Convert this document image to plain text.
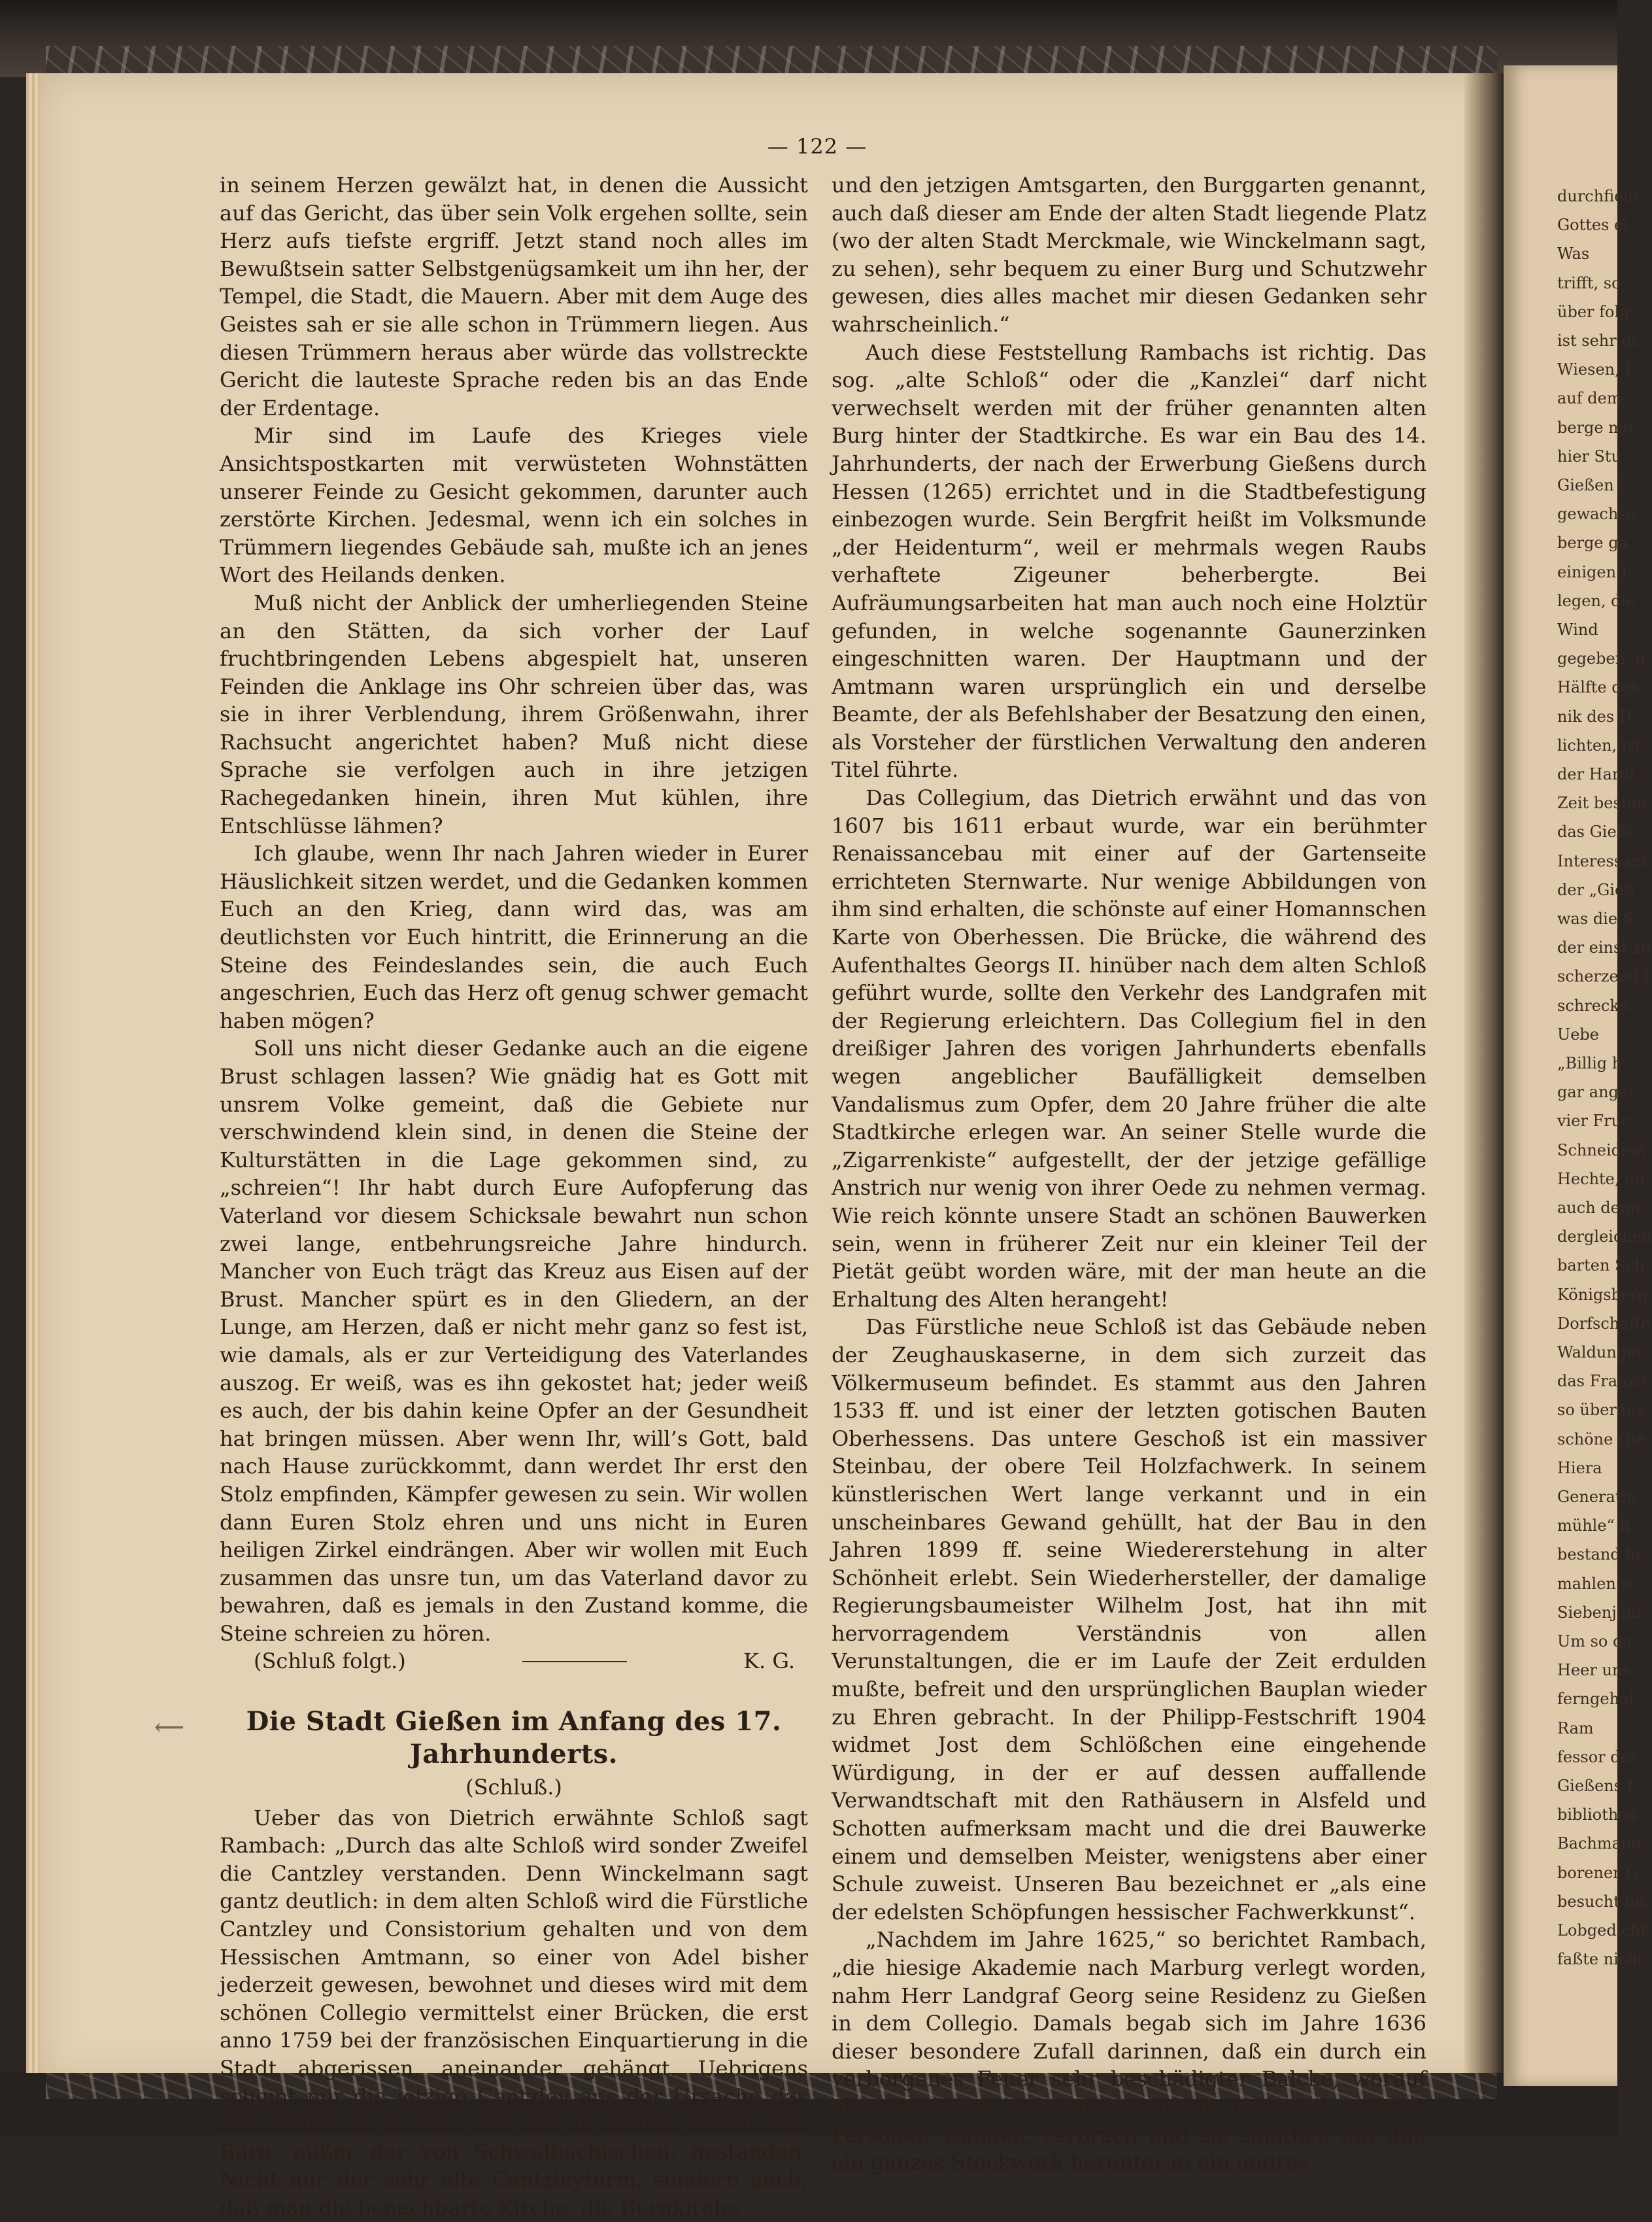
— 122 —

in seinem Herzen gewälzt hat, in denen die Aussicht auf das Gericht, das über sein Volk ergehen sollte, sein Herz aufs tiefste ergriff. Jetzt stand noch alles im Bewußtsein satter Selbstgenügsamkeit um ihn her, der Tempel, die Stadt, die Mauern. Aber mit dem Auge des Geistes sah er sie alle schon in Trümmern liegen. Aus diesen Trümmern heraus aber würde das vollstreckte Gericht die lauteste Sprache reden bis an das Ende der Erdentage.

Mir sind im Laufe des Krieges viele Ansichtspostkarten mit verwüsteten Wohnstätten unserer Feinde zu Gesicht gekommen, darunter auch zerstörte Kirchen. Jedesmal, wenn ich ein solches in Trümmern liegendes Gebäude sah, mußte ich an jenes Wort des Heilands denken.

Muß nicht der Anblick der umherliegenden Steine an den Stätten, da sich vorher der Lauf fruchtbringenden Lebens abgespielt hat, unseren Feinden die Anklage ins Ohr schreien über das, was sie in ihrer Verblendung, ihrem Größenwahn, ihrer Rachsucht angerichtet haben? Muß nicht diese Sprache sie verfolgen auch in ihre jetzigen Rachegedanken hinein, ihren Mut kühlen, ihre Entschlüsse lähmen?

Ich glaube, wenn Ihr nach Jahren wieder in Eurer Häuslichkeit sitzen werdet, und die Gedanken kommen Euch an den Krieg, dann wird das, was am deutlichsten vor Euch hintritt, die Erinnerung an die Steine des Feindeslandes sein, die auch Euch angeschrien, Euch das Herz oft genug schwer gemacht haben mögen?

Soll uns nicht dieser Gedanke auch an die eigene Brust schlagen lassen? Wie gnädig hat es Gott mit unsrem Volke gemeint, daß die Gebiete nur verschwindend klein sind, in denen die Steine der Kulturstätten in die Lage gekommen sind, zu „schreien“! Ihr habt durch Eure Aufopferung das Vaterland vor diesem Schicksale bewahrt nun schon zwei lange, entbehrungsreiche Jahre hindurch. Mancher von Euch trägt das Kreuz aus Eisen auf der Brust. Mancher spürt es in den Gliedern, an der Lunge, am Herzen, daß er nicht mehr ganz so fest ist, wie damals, als er zur Verteidigung des Vaterlandes auszog. Er weiß, was es ihn gekostet hat; jeder weiß es auch, der bis dahin keine Opfer an der Gesundheit hat bringen müssen. Aber wenn Ihr, will’s Gott, bald nach Hause zurückkommt, dann werdet Ihr erst den Stolz empfinden, Kämpfer gewesen zu sein. Wir wollen dann Euren Stolz ehren und uns nicht in Euren heiligen Zirkel eindrängen. Aber wir wollen mit Euch zusammen das unsre tun, um das Vaterland davor zu bewahren, daß es jemals in den Zustand komme, die Steine schreien zu hören.

(Schluß folgt.)	K. G.
⟵ Die Stadt Gießen im Anfang des 17. Jahrhunderts.
(Schluß.)

Ueber das von Dietrich erwähnte Schloß sagt Rambach: „Durch das alte Schloß wird sonder Zweifel die Cantzley verstanden. Denn Winckelmann sagt gantz deutlich: in dem alten Schloß wird die Fürstliche Cantzley und Consistorium gehalten und von dem Hessischen Amtmann, so einer von Adel bisher jederzeit gewesen, bewohnet und dieses wird mit dem schönen Collegio vermittelst einer Brücken, die erst anno 1759 bei der französischen Einquartierung in die Stadt abgerissen, aneinander gehängt. Uebrigens scheint mir die jetzige Cantzley aus der Ursache das alte Schloß zu heißen, weil hier in uralten Zeiten eine Burg, außer der von Schwalbachischen, gestanden. Nicht nur der sehr alte Cantzleyturm, sondern auch, daß man die benachbarte Kirche, die Burgkirche

und den jetzigen Amtsgarten, den Burggarten genannt, auch daß dieser am Ende der alten Stadt liegende Platz (wo der alten Stadt Merckmale, wie Winckelmann sagt, zu sehen), sehr bequem zu einer Burg und Schutzwehr gewesen, dies alles machet mir diesen Gedanken sehr wahrscheinlich.“

Auch diese Feststellung Rambachs ist richtig. Das sog. „alte Schloß“ oder die „Kanzlei“ darf nicht verwechselt werden mit der früher genannten alten Burg hinter der Stadtkirche. Es war ein Bau des 14. Jahrhunderts, der nach der Erwerbung Gießens durch Hessen (1265) errichtet und in die Stadtbefestigung einbezogen wurde. Sein Bergfrit heißt im Volksmunde „der Heidenturm“, weil er mehrmals wegen Raubs verhaftete Zigeuner beherbergte. Bei Aufräumungsarbeiten hat man auch noch eine Holztür gefunden, in welche sogenannte Gaunerzinken eingeschnitten waren. Der Hauptmann und der Amtmann waren ursprünglich ein und derselbe Beamte, der als Befehlshaber der Besatzung den einen, als Vorsteher der fürstlichen Verwaltung den anderen Titel führte.

Das Collegium, das Dietrich erwähnt und das von 1607 bis 1611 erbaut wurde, war ein berühmter Renaissancebau mit einer auf der Gartenseite errichteten Sternwarte. Nur wenige Abbildungen von ihm sind erhalten, die schönste auf einer Homannschen Karte von Oberhessen. Die Brücke, die während des Aufenthaltes Georgs II. hinüber nach dem alten Schloß geführt wurde, sollte den Verkehr des Landgrafen mit der Regierung erleichtern. Das Collegium fiel in den dreißiger Jahren des vorigen Jahrhunderts ebenfalls wegen angeblicher Baufälligkeit demselben Vandalismus zum Opfer, dem 20 Jahre früher die alte Stadtkirche erlegen war. An seiner Stelle wurde die „Zigarrenkiste“ aufgestellt, der der jetzige gefällige Anstrich nur wenig von ihrer Oede zu nehmen vermag. Wie reich könnte unsere Stadt an schönen Bauwerken sein, wenn in früherer Zeit nur ein kleiner Teil der Pietät geübt worden wäre, mit der man heute an die Erhaltung des Alten herangeht!

Das Fürstliche neue Schloß ist das Gebäude neben der Zeughauskaserne, in dem sich zurzeit das Völkermuseum befindet. Es stammt aus den Jahren 1533 ff. und ist einer der letzten gotischen Bauten Oberhessens. Das untere Geschoß ist ein massiver Steinbau, der obere Teil Holzfachwerk. In seinem künstlerischen Wert lange verkannt und in ein unscheinbares Gewand gehüllt, hat der Bau in den Jahren 1899 ff. seine Wiedererstehung in alter Schönheit erlebt. Sein Wiederhersteller, der damalige Regierungsbaumeister Wilhelm Jost, hat ihn mit hervorragendem Verständnis von allen Verunstaltungen, die er im Laufe der Zeit erdulden mußte, befreit und den ursprünglichen Bauplan wieder zu Ehren gebracht. In der Philipp-Festschrift 1904 widmet Jost dem Schlößchen eine eingehende Würdigung, in der er auf dessen auffallende Verwandtschaft mit den Rathäusern in Alsfeld und Schotten aufmerksam macht und die drei Bauwerke einem und demselben Meister, wenigstens aber einer Schule zuweist. Unseren Bau bezeichnet er „als eine der edelsten Schöpfungen hessischer Fachwerkkunst“.

„Nachdem im Jahre 1625,“ so berichtet Rambach, „die hiesige Akademie nach Marburg verlegt worden, nahm Herr Landgraf Georg seine Residenz zu Gießen in dem Collegio. Damals begab sich im Jahre 1636 dieser besondere Zufall darinnen, daß ein durch ein verborgenes Feuer sehr beschädigter Balcke, worauf eben der Fürst mit seiner Gemahlin und noch andre 4 Personen stunden, zerbrach und sie sämtlich mit ihm ein ganzes Stockwerk herunter in ein andres

durchfiele

Gottes ei

Was

trifft, so

über folg

ist sehr di

Wiesen, I

auf dem

berge me

hier Stu

Gießen i

gewachse

berge ga

einigen J

legen, die

Wind

gegeben, n

Hälfte des

nik des D

lichten, ist

der Hardt

Zeit bestan

das Gieße

Interessant

der „Gieß

was die S

der einst zu

scherzend i

schrecke.

Uebe

„Billig h

gar anger

vier Fruc

Schneidem

Hechte, un

auch denn

dergleichen

barten Sch

Königsberg

Dorfschafte

Waldunger

das Franzo

so überaus

schöne Gie

Hiera

Generatio

mühle“ h

bestand hi

mahlen w

Siebenjähr

Um so da

Heer uns

ferngehal

Ram

fessor der

Gießens t

bibliothek

Bachmann

borener G

besucht un

Lobgedicht

faßte nicht
